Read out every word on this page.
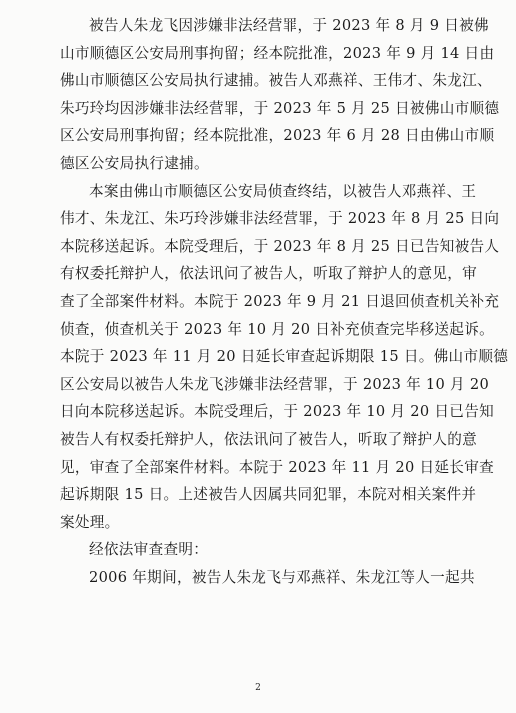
被告人朱龙飞因涉嫌非法经营罪，于 2023 年 8 月 9 日被佛
山市顺德区公安局刑事拘留；经本院批准，2023 年 9 月 14 日由
佛山市顺德区公安局执行逮捕。被告人邓燕祥、王伟才、朱龙江、
朱巧玲均因涉嫌非法经营罪，于 2023 年 5 月 25 日被佛山市顺德
区公安局刑事拘留；经本院批准，2023 年 6 月 28 日由佛山市顺
德区公安局执行逮捕。
本案由佛山市顺德区公安局侦查终结，以被告人邓燕祥、王
伟才、朱龙江、朱巧玲涉嫌非法经营罪，于 2023 年 8 月 25 日向
本院移送起诉。本院受理后，于 2023 年 8 月 25 日已告知被告人
有权委托辩护人，依法讯问了被告人，听取了辩护人的意见，审
查了全部案件材料。本院于 2023 年 9 月 21 日退回侦查机关补充
侦查，侦查机关于 2023 年 10 月 20 日补充侦查完毕移送起诉。
本院于 2023 年 11 月 20 日延长审查起诉期限 15 日。佛山市顺德
区公安局以被告人朱龙飞涉嫌非法经营罪，于 2023 年 10 月 20
日向本院移送起诉。本院受理后，于 2023 年 10 月 20 日已告知
被告人有权委托辩护人，依法讯问了被告人，听取了辩护人的意
见，审查了全部案件材料。本院于 2023 年 11 月 20 日延长审查
起诉期限 15 日。上述被告人因属共同犯罪，本院对相关案件并
案处理。
经依法审查查明：
2006 年期间，被告人朱龙飞与邓燕祥、朱龙江等人一起共
2
